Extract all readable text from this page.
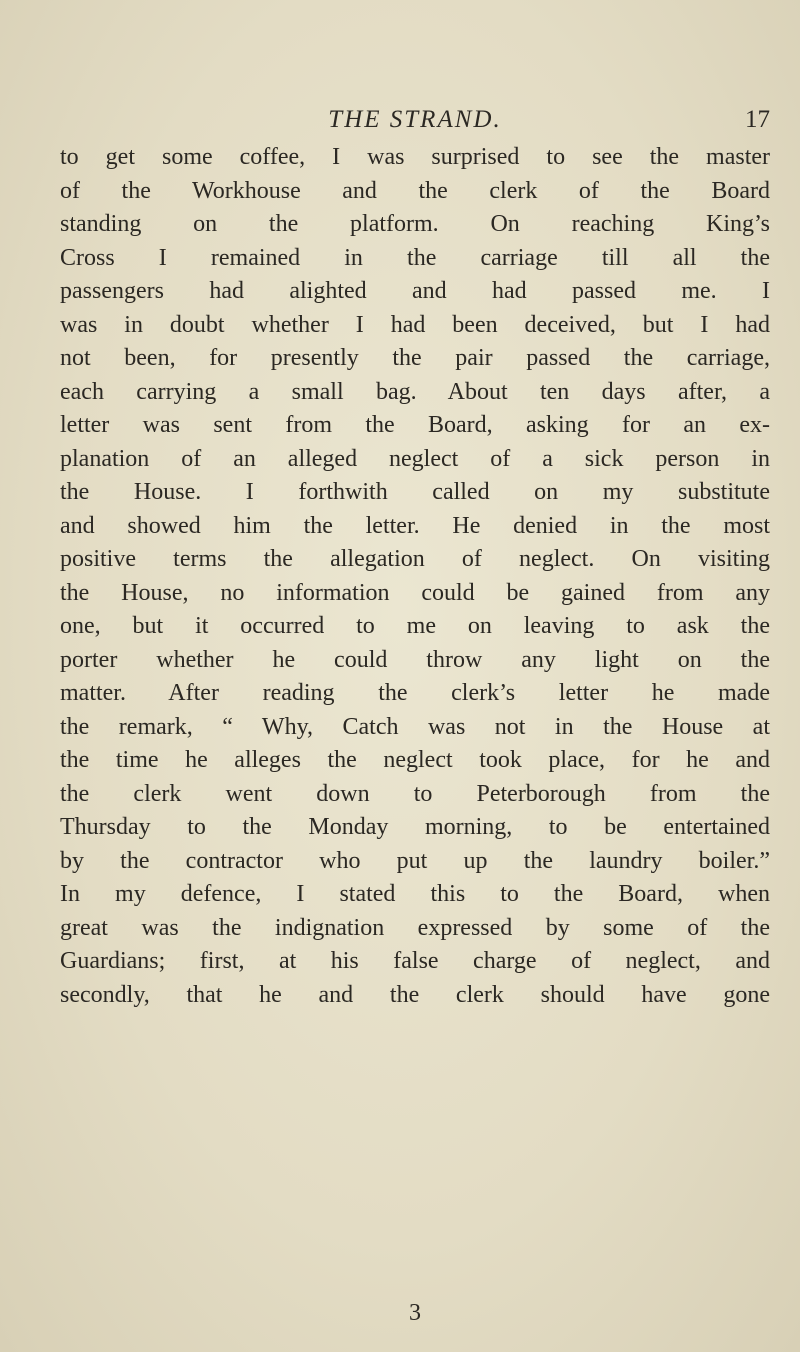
THE STRAND.	17
to get some coffee, I was surprised to see the master
of the Workhouse and the clerk of the Board
standing on the platform. On reaching King’s
Cross I remained in the carriage till all the
passengers had alighted and had passed me. I
was in doubt whether I had been deceived, but I had
not been, for presently the pair passed the carriage,
each carrying a small bag. About ten days after, a
letter was sent from the Board, asking for an ex-
planation of an alleged neglect of a sick person in
the House. I forthwith called on my substitute
and showed him the letter. He denied in the most
positive terms the allegation of neglect. On visiting
the House, no information could be gained from any
one, but it occurred to me on leaving to ask the
porter whether he could throw any light on the
matter. After reading the clerk’s letter he made
the remark, “ Why, Catch was not in the House at
the time he alleges the neglect took place, for he and
the clerk went down to Peterborough from the
Thursday to the Monday morning, to be entertained
by the contractor who put up the laundry boiler.”
In my defence, I stated this to the Board, when
great was the indignation expressed by some of the
Guardians; first, at his false charge of neglect, and
secondly, that he and the clerk should have gone
3
